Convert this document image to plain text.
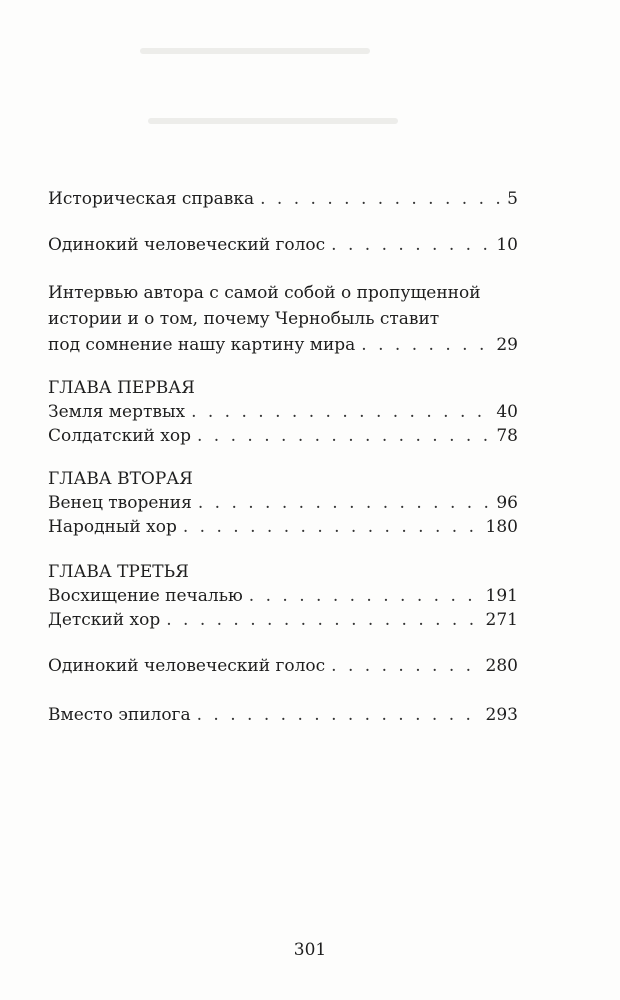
Историческая справка . . .	5
Одинокий человеческий голос . . .	10
Интервью автора с самой собой о пропущенной
истории и о том, почему Чернобыль ставит
под сомнение нашу картину мира . . .	29
ГЛАВА ПЕРВАЯ
Земля мертвых . . .	40
Солдатский хор . . .	78
ГЛАВА ВТОРАЯ
Венец творения . . .	96
Народный хор . . .	180
ГЛАВА ТРЕТЬЯ
Восхищение печалью . . .	191
Детский хор . . .	271
Одинокий человеческий голос . . .	280
Вместо эпилога . . .	293
301
